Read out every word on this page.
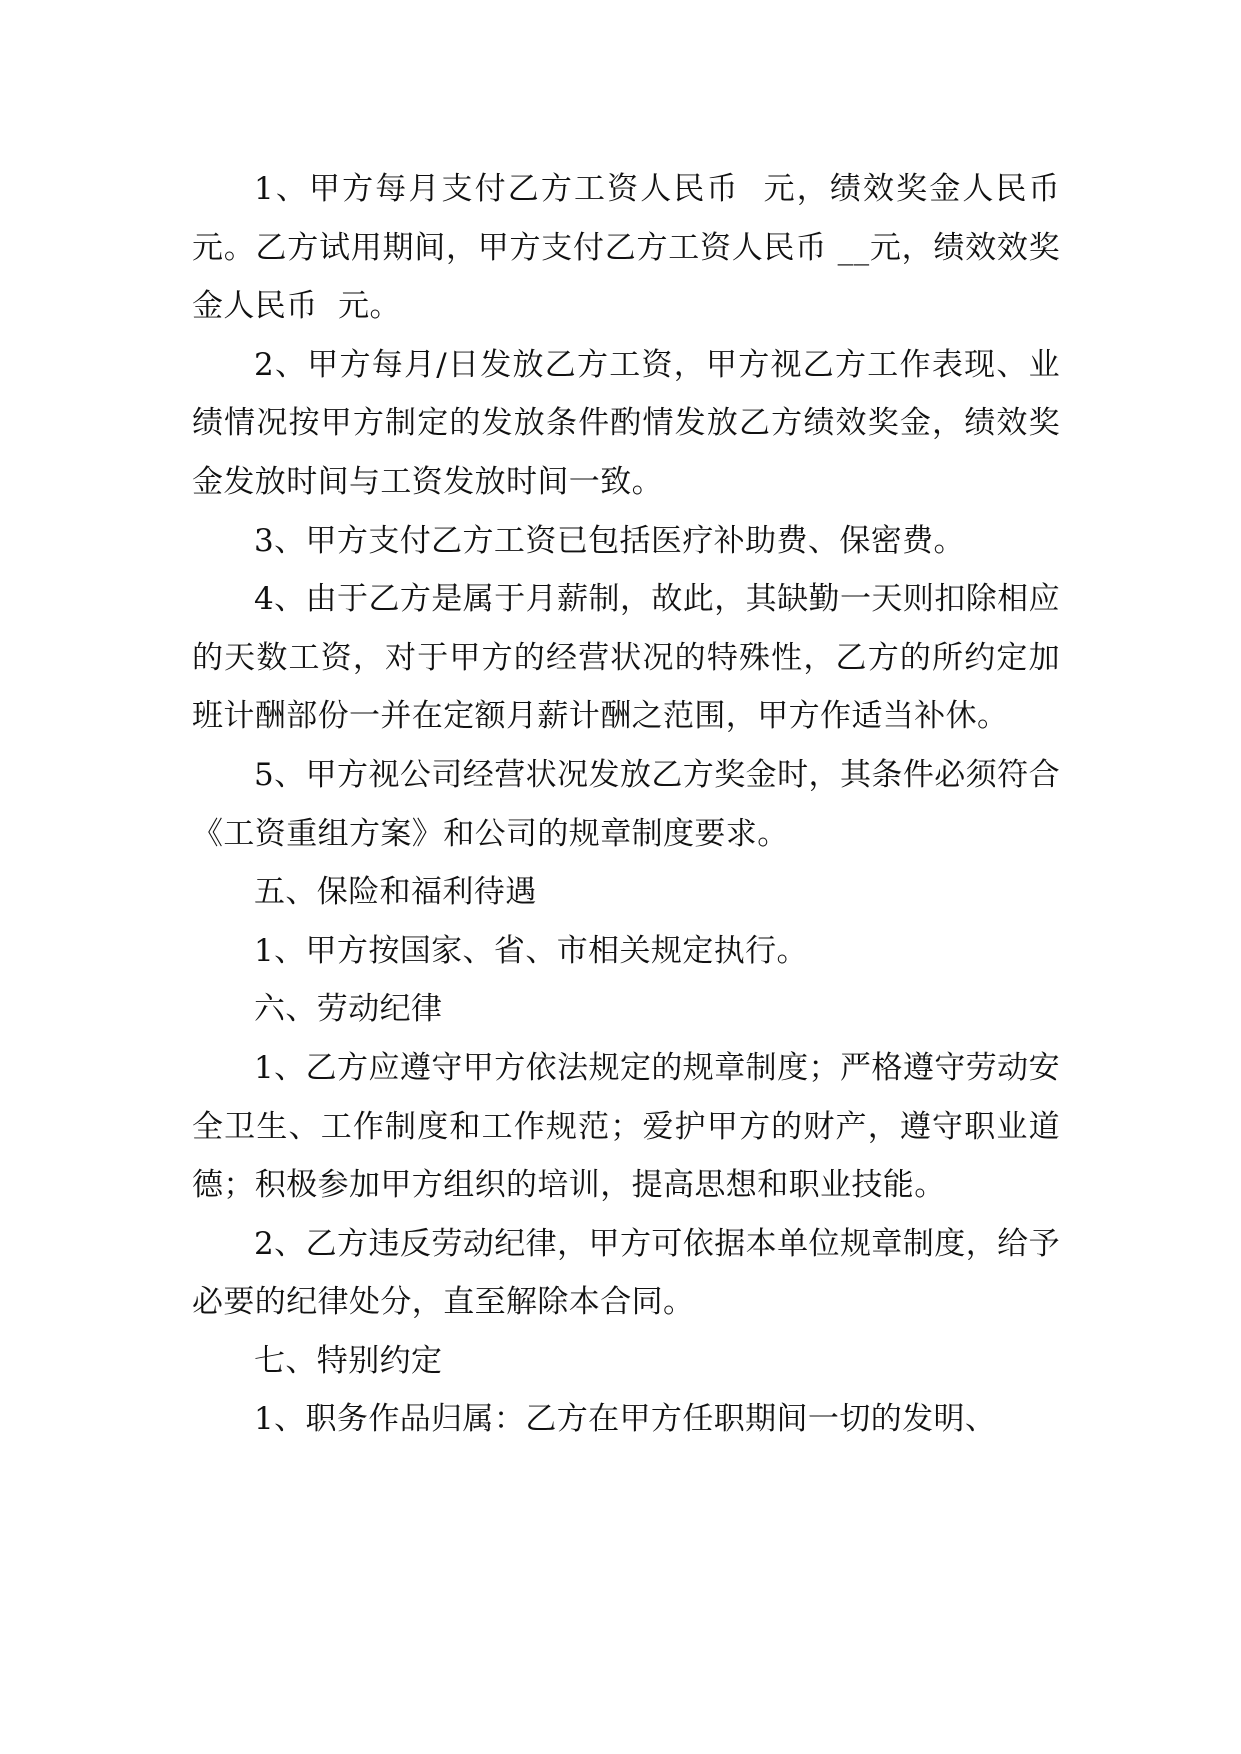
1、甲方每月支付乙方工资人民币  元，绩效奖金人民币  元。乙方试用期间，甲方支付乙方工资人民币 __元，绩效效奖金人民币  元。

2、甲方每月/日发放乙方工资，甲方视乙方工作表现、业绩情况按甲方制定的发放条件酌情发放乙方绩效奖金，绩效奖金发放时间与工资发放时间一致。

3、甲方支付乙方工资已包括医疗补助费、保密费。

4、由于乙方是属于月薪制，故此，其缺勤一天则扣除相应的天数工资，对于甲方的经营状况的特殊性，乙方的所约定加班计酬部份一并在定额月薪计酬之范围，甲方作适当补休。

5、甲方视公司经营状况发放乙方奖金时，其条件必须符合《工资重组方案》和公司的规章制度要求。

五、保险和福利待遇

1、甲方按国家、省、市相关规定执行。

六、劳动纪律

1、乙方应遵守甲方依法规定的规章制度；严格遵守劳动安全卫生、工作制度和工作规范；爱护甲方的财产，遵守职业道德；积极参加甲方组织的培训，提高思想和职业技能。

2、乙方违反劳动纪律，甲方可依据本单位规章制度，给予必要的纪律处分，直至解除本合同。

七、特别约定

1、职务作品归属：乙方在甲方任职期间一切的发明、
